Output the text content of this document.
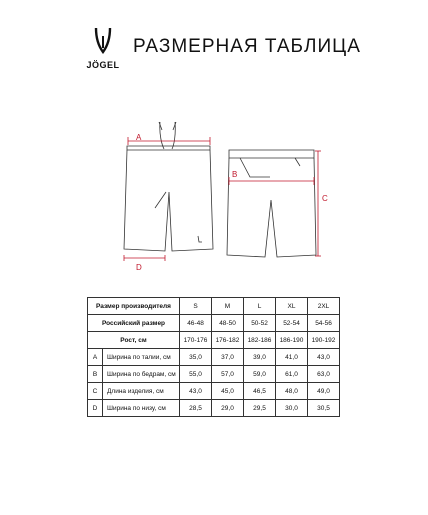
JÖGEL
РАЗМЕРНАЯ ТАБЛИЦА
A
B
C
D
Размер производителя		S	M	L	XL	2XL
Российский размер		46-48	48-50	50-52	52-54	54-56
Рост, см		170-176	176-182	182-186	186-190	190-192
A	Ширина по талии, см	35,0	37,0	39,0	41,0	43,0
B	Ширина по бедрам, см	55,0	57,0	59,0	61,0	63,0
C	Длина изделия, см	43,0	45,0	46,5	48,0	49,0
D	Ширина по низу, см	28,5	29,0	29,5	30,0	30,5
